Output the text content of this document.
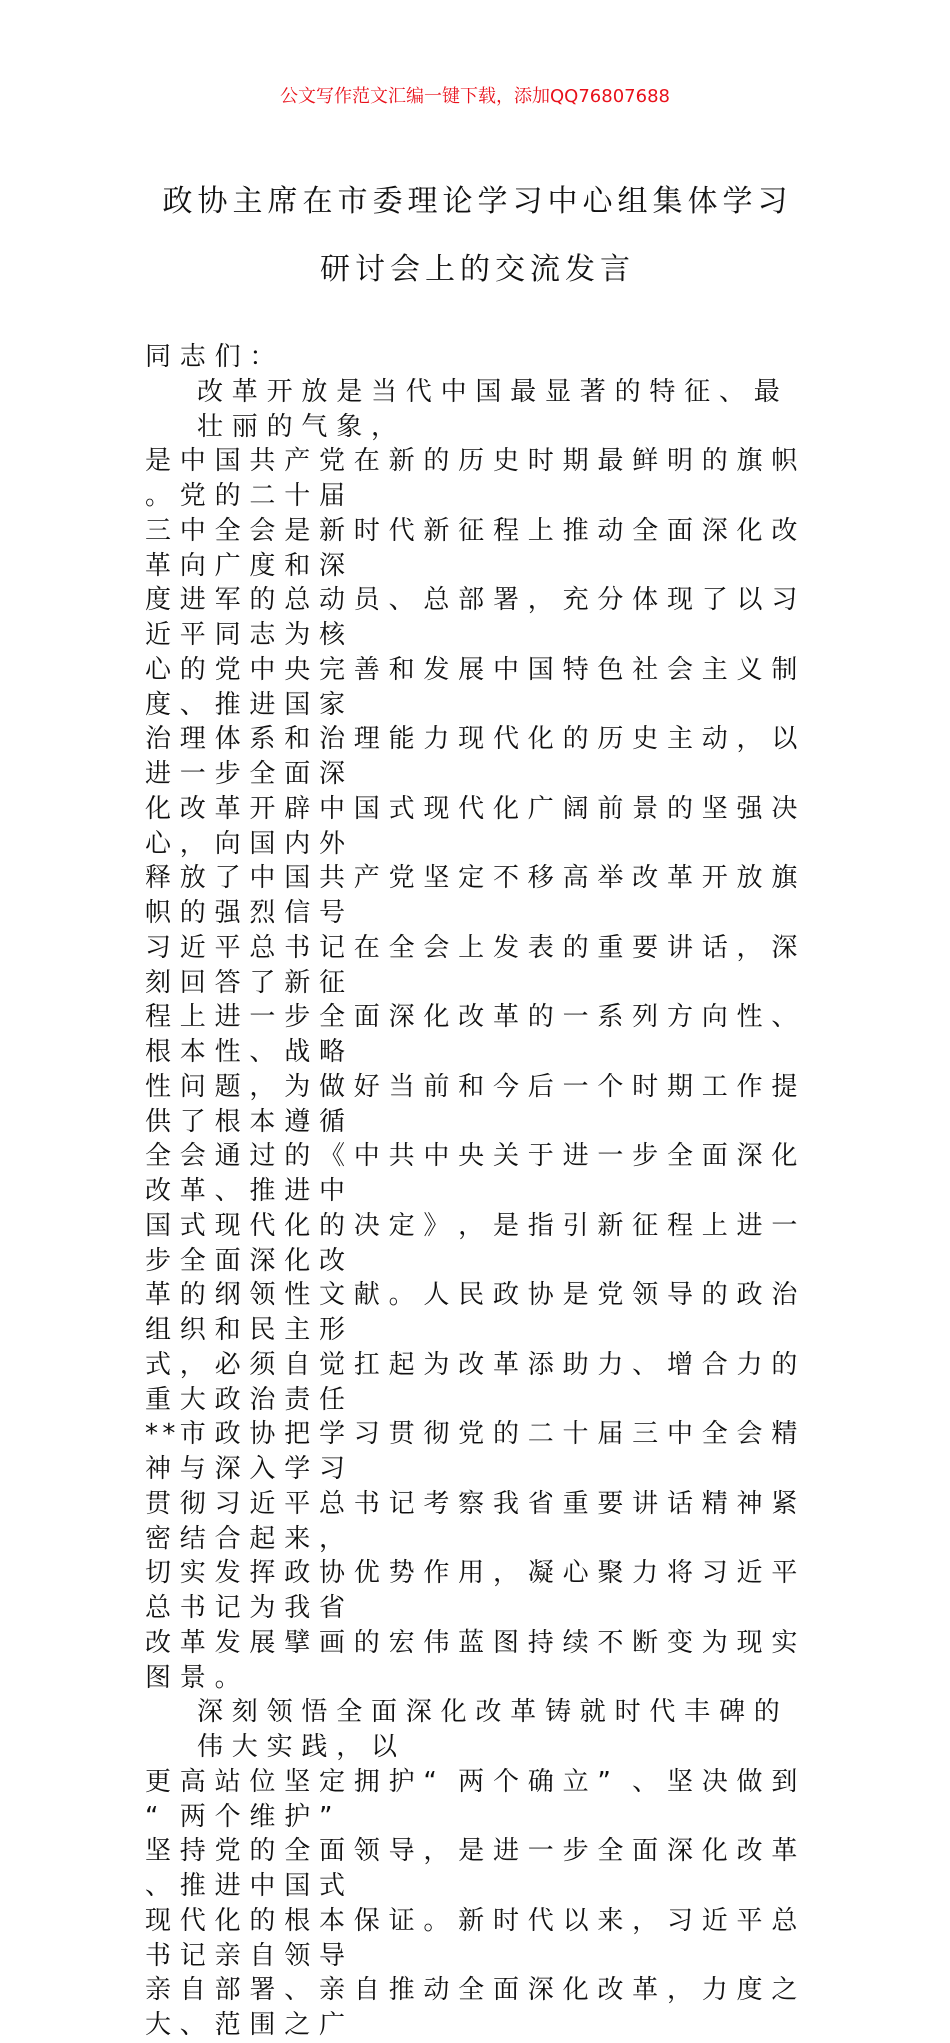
公文写作范文汇编一键下载，添加QQ76807688
政 协 主 席 在 市 委 理 论 学 习 中 心 组 集 体 学 习
研 讨 会 上 的 交 流 发 言
同 志 们 ：
改 革 开 放 是 当 代 中 国 最 显 著 的 特 征 、 最壮 丽 的 气 象 ，
是 中 国 共 产 党 在 新 的 历 史 时 期 最 鲜 明 的 旗 帜。 党 的 二 十 届
三 中 全 会 是 新 时 代 新 征 程 上 推 动 全 面 深 化 改革 向 广 度 和 深
度 进 军 的 总 动 员 、 总 部 署 ， 充 分 体 现 了 以 习近 平 同 志 为 核
心 的 党 中 央 完 善 和 发 展 中 国 特 色 社 会 主 义 制度 、 推 进 国 家
治 理 体 系 和 治 理 能 力 现 代 化 的 历 史 主 动 ， 以进 一 步 全 面 深
化 改 革 开 辟 中 国 式 现 代 化 广 阔 前 景 的 坚 强 决心 ， 向 国 内 外
释 放 了 中 国 共 产 党 坚 定 不 移 高 举 改 革 开 放 旗帜 的 强 烈 信 号
习 近 平 总 书 记 在 全 会 上 发 表 的 重 要 讲 话 ， 深刻 回 答 了 新 征
程 上 进 一 步 全 面 深 化 改 革 的 一 系 列 方 向 性 、根 本 性 、 战 略
性 问 题 ， 为 做 好 当 前 和 今 后 一 个 时 期 工 作 提供 了 根 本 遵 循
全 会 通 过 的 《 中 共 中 央 关 于 进 一 步 全 面 深 化改 革 、 推 进 中
国 式 现 代 化 的 决 定 》 ， 是 指 引 新 征 程 上 进 一步 全 面 深 化 改
革 的 纲 领 性 文 献 。 人 民 政 协 是 党 领 导 的 政 治组 织 和 民 主 形
式 ， 必 须 自 觉 扛 起 为 改 革 添 助 力 、 增 合 力 的重 大 政 治 责 任
* * 市 政 协 把 学 习 贯 彻 党 的 二 十 届 三 中 全 会 精神 与 深 入 学 习
贯 彻 习 近 平 总 书 记 考 察 我 省 重 要 讲 话 精 神 紧密 结 合 起 来 ，
切 实 发 挥 政 协 优 势 作 用 ， 凝 心 聚 力 将 习 近 平总 书 记 为 我 省
改 革 发 展 擘 画 的 宏 伟 蓝 图 持 续 不 断 变 为 现 实图 景 。
深 刻 领 悟 全 面 深 化 改 革 铸 就 时 代 丰 碑 的伟 大 实 践 ， 以
更 高 站 位 坚 定 拥 护 “ 两 个 确 立 ” 、 坚 决 做 到“ 两 个 维 护 ”
坚 持 党 的 全 面 领 导 ， 是 进 一 步 全 面 深 化 改 革、 推 进 中 国 式
现 代 化 的 根 本 保 证 。 新 时 代 以 来 ， 习 近 平 总书 记 亲 自 领 导
亲 自 部 署 、 亲 自 推 动 全 面 深 化 改 革 ， 力 度 之大 、 范 围 之 广
